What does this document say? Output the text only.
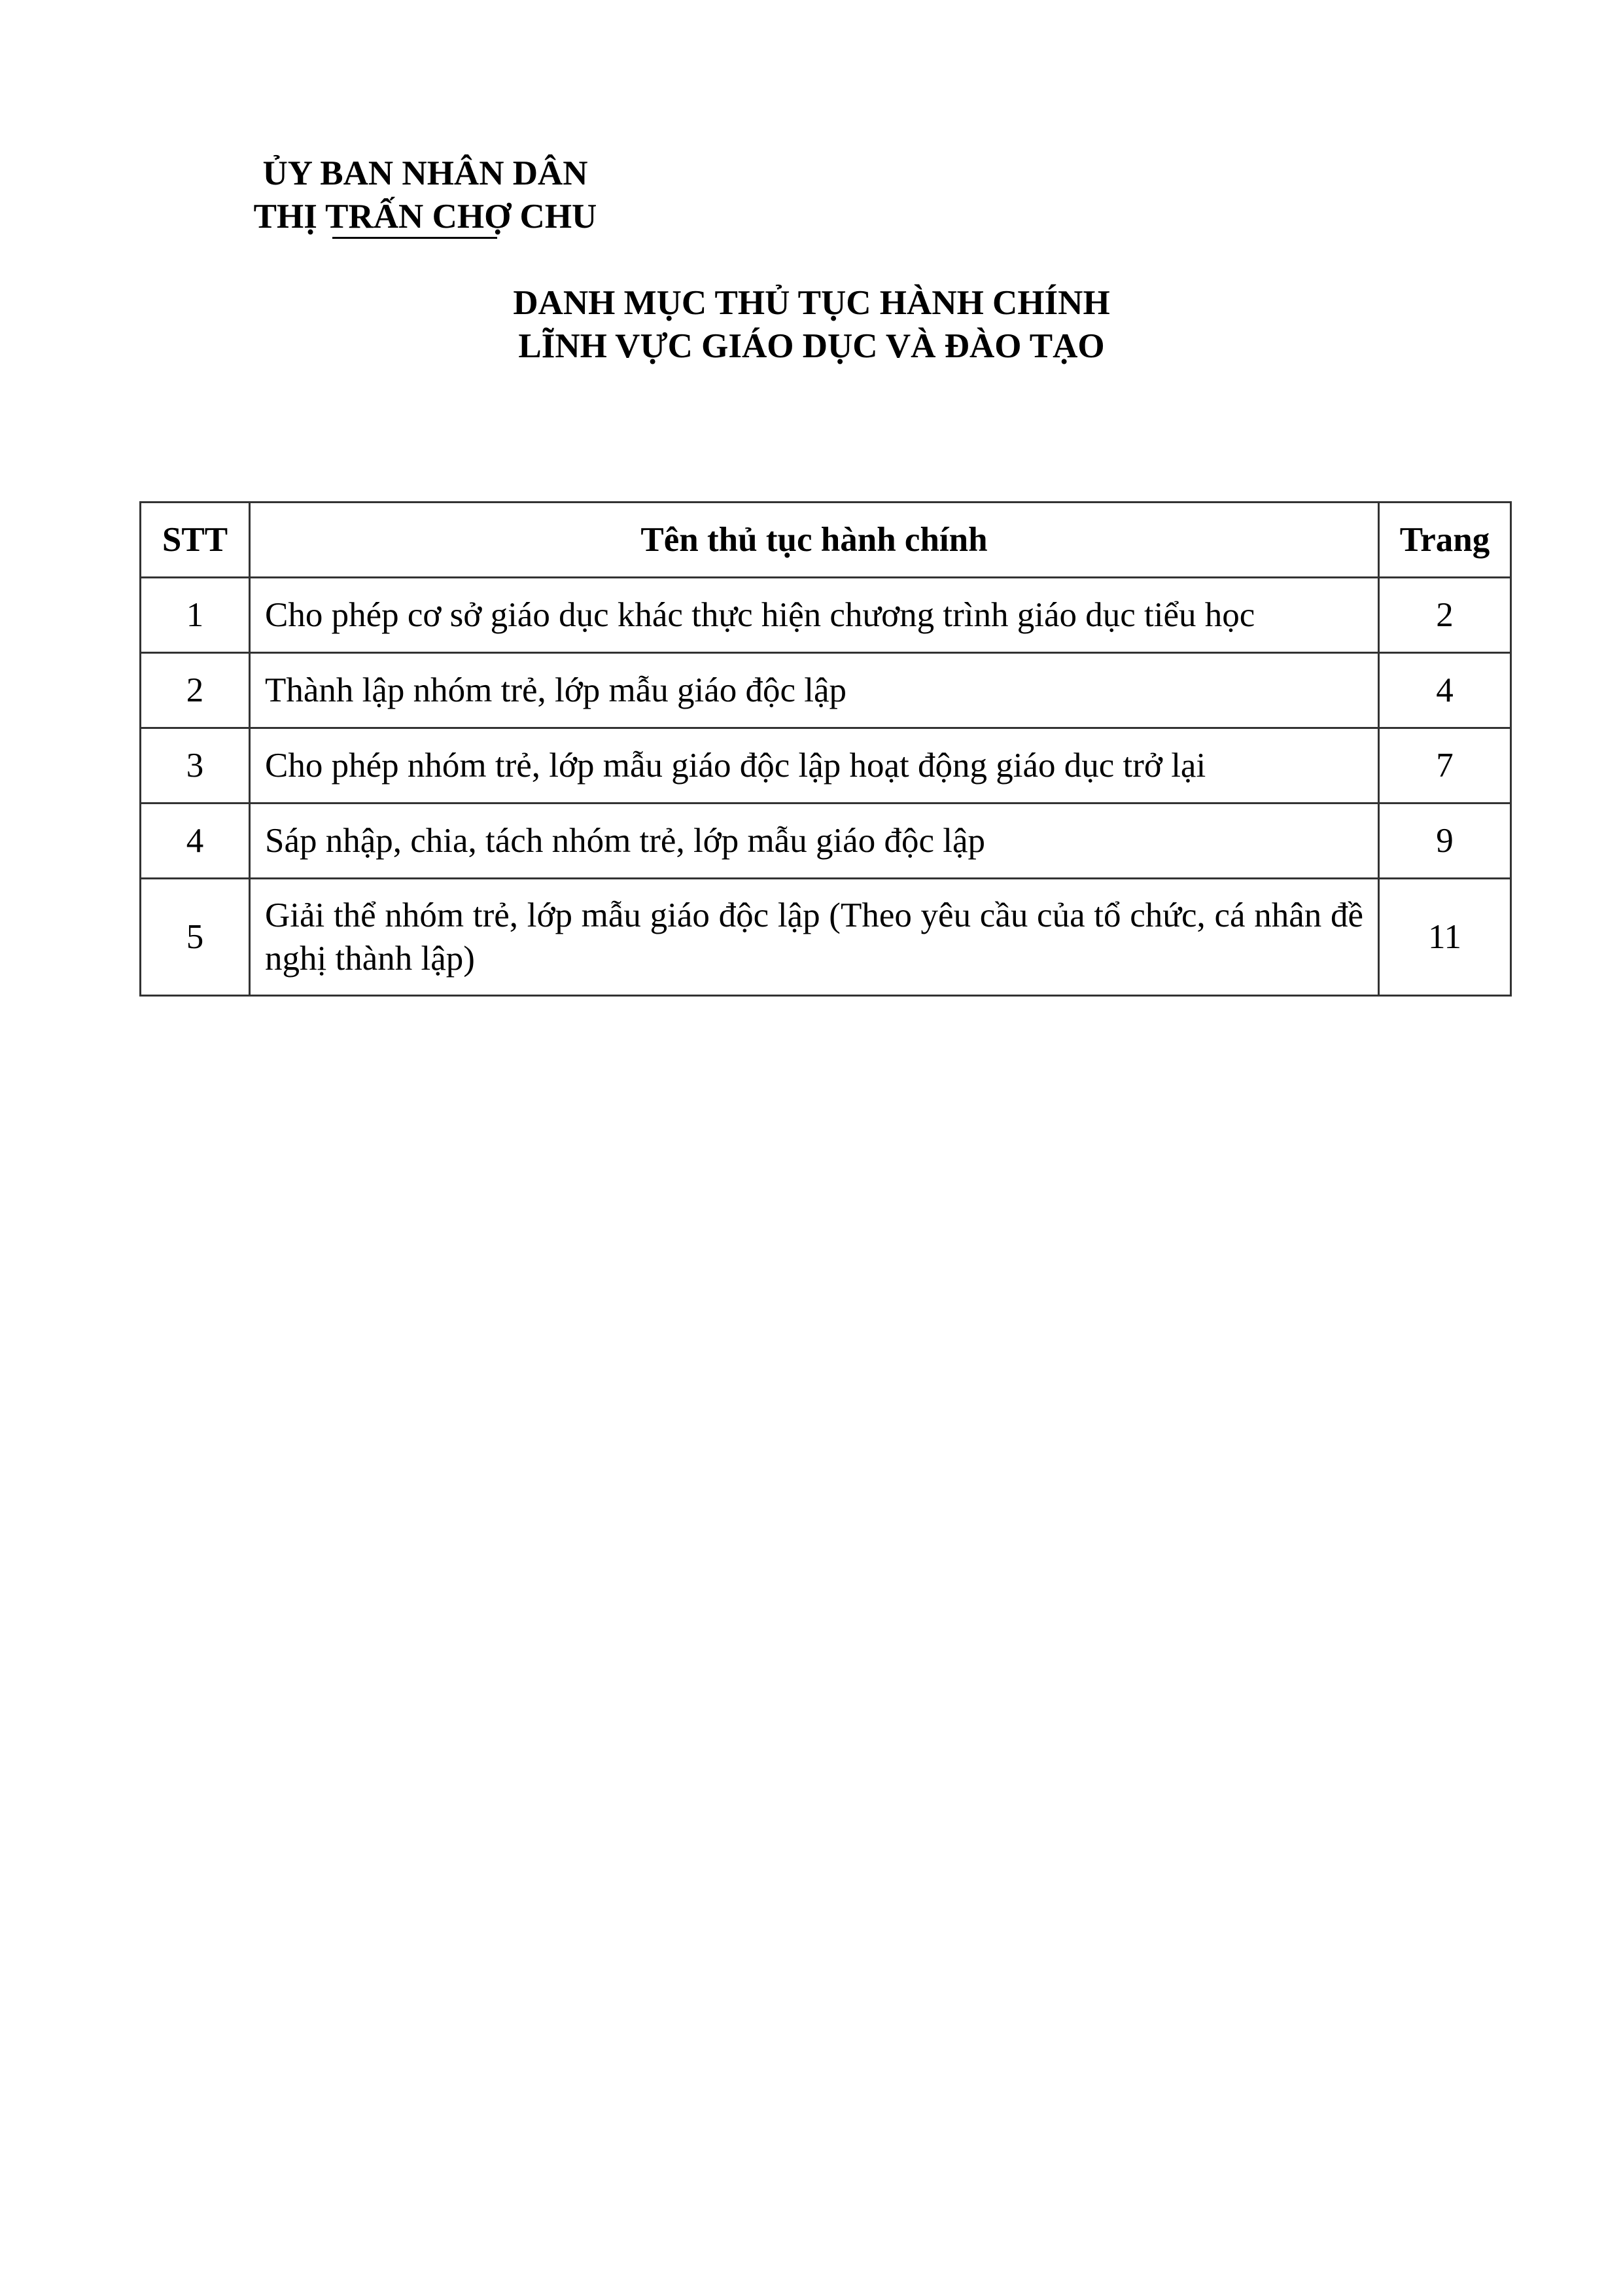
ỦY BAN NHÂN DÂN
THỊ TRẤN CHỢ CHU
DANH MỤC THỦ TỤC HÀNH CHÍNH
LĨNH VỰC GIÁO DỤC VÀ ĐÀO TẠO
STT	Tên thủ tục hành chính	Trang
1	Cho phép cơ sở giáo dục khác thực hiện chương trình giáo dục tiểu học	2
2	Thành lập nhóm trẻ, lớp mẫu giáo độc lập	4
3	Cho phép nhóm trẻ, lớp mẫu giáo độc lập hoạt động giáo dục trở lại	7
4	Sáp nhập, chia, tách nhóm trẻ, lớp mẫu giáo độc lập	9
5	Giải thể nhóm trẻ, lớp mẫu giáo độc lập (Theo yêu cầu của tổ chức, cá nhân đề nghị thành lập)	11
